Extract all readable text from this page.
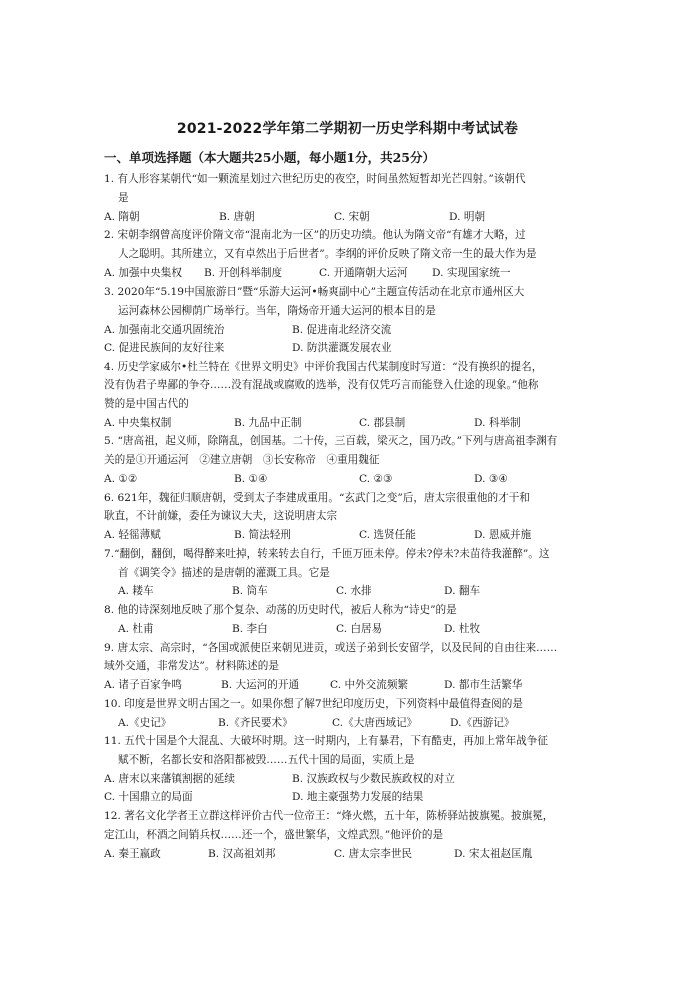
2021-2022学年第二学期初一历史学科期中考试试卷
一、单项选择题（本大题共25小题，每小题1分，共25分）
1. 有人形容某朝代“如一颗流星划过六世纪历史的夜空，时间虽然短暂却光芒四射。”该朝代
是
A. 隋朝	B. 唐朝	C. 宋朝	D. 明朝
2. 宋朝李纲曾高度评价隋文帝“混南北为一区”的历史功绩。他认为隋文帝“有雄才大略，过
人之聪明。其所建立，又有卓然出于后世者”。李纲的评价反映了隋文帝一生的最大作为是
A. 加强中央集权 B. 开创科举制度	C. 开通隋朝大运河 D. 实现国家统一
3. 2020年“5.19中国旅游日”暨“乐游大运河•畅爽副中心”主题宣传活动在北京市通州区大
运河森林公园柳荫广场举行。当年，隋炀帝开通大运河的根本目的是
A. 加强南北交通巩固统治	B. 促进南北经济交流
C. 促进民族间的友好往来	D. 防洪灌溉发展农业
4. 历史学家威尔•杜兰特在《世界文明史》中评价我国古代某制度时写道：“没有换织的提名，
没有伪君子卑鄙的争夺……没有混战或腐败的选举，没有仅凭巧言而能登入仕途的现象。”他称
赞的是中国古代的
A. 中央集权制	B. 九品中正制	C. 郡县制	D. 科举制
5. “唐高祖，起义师，除隋乱，创国基。二十传，三百载，梁灭之，国乃改。”下列与唐高祖李渊有
关的是①开通运河　②建立唐朝　③长安称帝　④重用魏征
A. ①②	B. ①④	C. ②③	D. ③④
6. 621年，魏征归顺唐朝，受到太子李建成重用。“玄武门之变”后，唐太宗很重他的才干和
耿直，不计前嫌，委任为谏议大夫，这说明唐太宗
A. 轻徭薄赋	B. 简法轻刑	C. 选贤任能	D. 恩威并施
7.“翻倒，翻倒，喝得醉来吐掉，转来转去自行，千匝万匝未停。停未?停未?未苗待我灌醉”。这
首《调笑令》描述的是唐朝的灌溉工具。它是
A. 耧车	B. 筒车	C. 水排	D. 翻车
8. 他的诗深刻地反映了那个复杂、动荡的历史时代，被后人称为“诗史”的是
A. 杜甫	B. 李白	C. 白居易	D. 杜牧
9. 唐太宗、高宗时，“各国或派使臣来朝见进贡，或送子弟到长安留学，以及民间的自由往来……
域外交通，非常发达”。材料陈述的是
A. 诸子百家争鸣	B. 大运河的开通	C. 中外交流频繁	D. 都市生活繁华
10. 印度是世界文明古国之一。如果你想了解7世纪印度历史，下列资料中最值得查阅的是
A.《史记》	B.《齐民要术》	C.《大唐西域记》	D.《西游记》
11. 五代十国是个大混乱、大破坏时期。这一时期内，上有暴君，下有酷吏，再加上常年战争征
赋不断，名都长安和洛阳都被毁……五代十国的局面，实质上是
A. 唐末以来藩镇割据的延续	B. 汉族政权与少数民族政权的对立
C. 十国鼎立的局面	D. 地主豪强势力发展的结果
12. 著名文化学者王立群这样评价古代一位帝王：“烽火燃，五十年，陈桥驿站披旗冕。披旗冕，
定江山，杯酒之间销兵权……还一个，盛世繁华，文煌武烈。”他评价的是
A. 秦王嬴政	B. 汉高祖刘邦	C. 唐太宗李世民	D. 宋太祖赵匡胤
